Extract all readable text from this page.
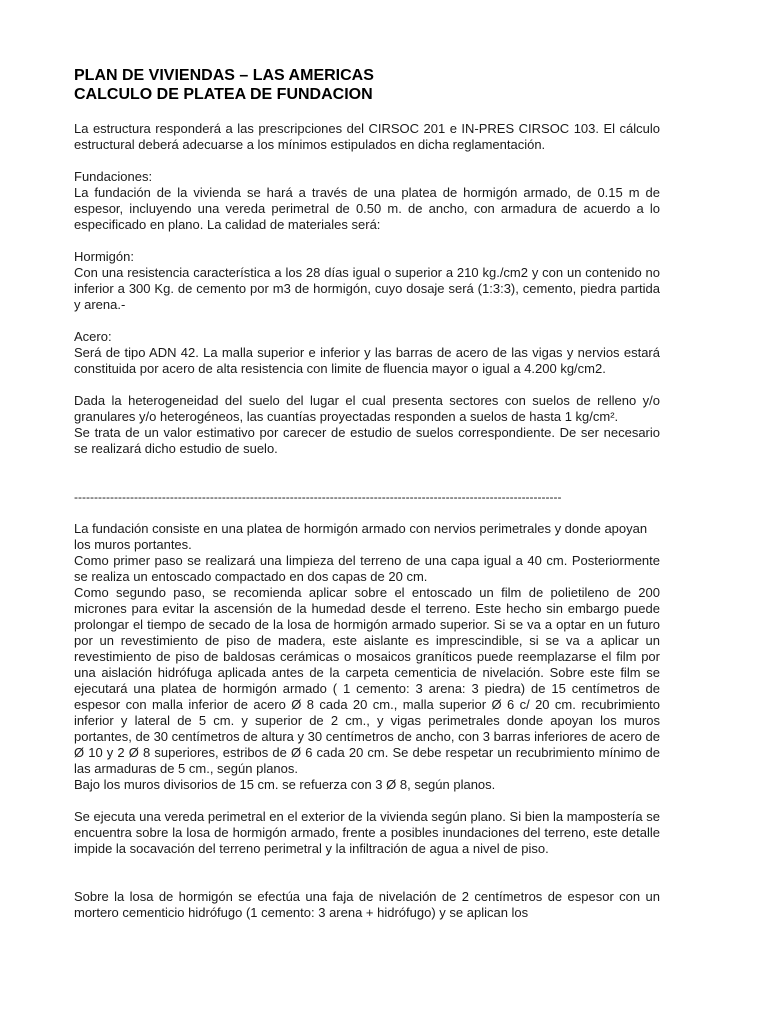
PLAN DE VIVIENDAS – LAS AMERICAS
CALCULO DE PLATEA DE FUNDACION

La estructura responderá a las prescripciones del CIRSOC 201 e IN-PRES CIRSOC 103. El cálculo estructural deberá adecuarse a los mínimos estipulados en dicha reglamentación.

Fundaciones:

La fundación de la vivienda se hará a través de una platea de hormigón armado, de 0.15 m de espesor, incluyendo una vereda perimetral de 0.50 m. de ancho, con armadura de acuerdo a lo especificado en plano. La calidad de materiales será:

Hormigón:

Con una resistencia característica a los 28 días igual o superior a 210 kg./cm2 y con un contenido no inferior a 300 Kg. de cemento por m3 de hormigón, cuyo dosaje será (1:3:3), cemento, piedra partida y arena.-

Acero:

Será de tipo ADN 42. La malla superior e inferior y las barras de acero de las vigas y nervios estará constituida por acero de alta resistencia con limite de fluencia mayor o igual a 4.200 kg/cm2.

Dada la heterogeneidad del suelo del lugar el cual presenta sectores con suelos de relleno y/o granulares y/o heterogéneos, las cuantías proyectadas responden a suelos de hasta 1 kg/cm².

Se trata de un valor estimativo por carecer de estudio de suelos correspondiente. De ser necesario se realizará dicho estudio de suelo.

--------------------------------------------------------------------------------------------------------------------------

La fundación consiste en una platea de hormigón armado con nervios perimetrales y donde apoyan los muros portantes.

Como primer paso se realizará una limpieza del terreno de una capa igual a 40 cm. Posteriormente se realiza un entoscado compactado en dos capas de 20 cm.

Como segundo paso, se recomienda aplicar sobre el entoscado un film de polietileno de 200 micrones para evitar la ascensión de la humedad desde el terreno. Este hecho sin embargo puede prolongar el tiempo de secado de la losa de hormigón armado superior. Si se va a optar en un futuro por un revestimiento de piso de madera, este aislante es imprescindible, si se va a aplicar un revestimiento de piso de baldosas cerámicas o mosaicos graníticos puede reemplazarse el film por una aislación hidrófuga aplicada antes de la carpeta cementicia de nivelación. Sobre este film se ejecutará una platea de hormigón armado ( 1 cemento: 3 arena: 3 piedra) de 15 centímetros de espesor con malla inferior de acero Ø 8 cada 20 cm., malla superior Ø 6 c/ 20 cm. recubrimiento inferior y lateral de 5 cm. y superior de 2 cm., y vigas perimetrales donde apoyan los muros portantes, de 30 centímetros de altura y 30 centímetros de ancho, con 3 barras inferiores de acero de Ø 10 y 2 Ø 8 superiores, estribos de Ø 6 cada 20 cm. Se debe respetar un recubrimiento mínimo de las armaduras de 5 cm., según planos.

Bajo los muros divisorios de 15 cm. se refuerza con 3 Ø 8, según planos.

Se ejecuta una vereda perimetral en el exterior de la vivienda según plano. Si bien la mampostería se encuentra sobre la losa de hormigón armado, frente a posibles inundaciones del terreno, este detalle impide la socavación del terreno perimetral y la infiltración de agua a nivel de piso.

Sobre la losa de hormigón se efectúa una faja de nivelación de 2 centímetros de espesor con un mortero cementicio hidrófugo (1 cemento: 3 arena + hidrófugo) y se aplican los
